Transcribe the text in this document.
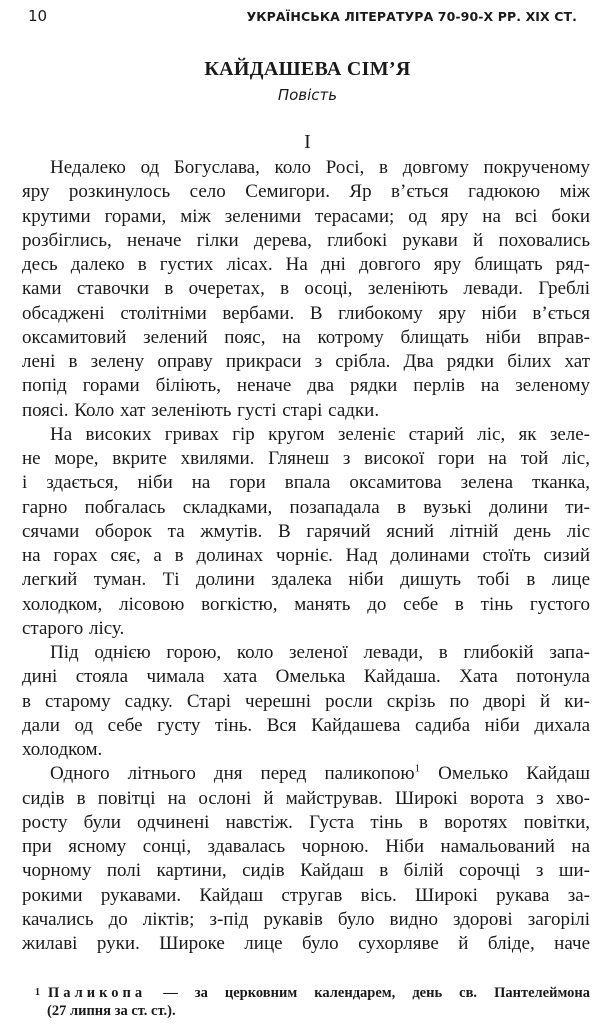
10	УКРАЇНСЬКА ЛІТЕРАТУРА 70-90-Х РР. XIX СТ.
КАЙДАШЕВА СІМ’Я
Повість
I
Недалеко од Богуслава, коло Росі, в довгому покрученому
яру розкинулось село Семигори. Яр в’ється гадюкою між
крутими горами, між зеленими терасами; од яру на всі боки
розбіглись, неначе гілки дерева, глибокі рукави й поховались
десь далеко в густих лісах. На дні довгого яру блищать ряд-
ками ставочки в очеретах, в осоці, зеленіють левади. Греблі
обсаджені столітніми вербами. В глибокому яру ніби в’ється
оксамитовий зелений пояс, на котрому блищать ніби вправ-
лені в зелену оправу прикраси з срібла. Два рядки білих хат
попід горами біліють, неначе два рядки перлів на зеленому
поясі. Коло хат зеленіють густі старі садки.
На високих гривах гір кругом зеленіє старий ліс, як зеле-
не море, вкрите хвилями. Глянеш з високої гори на той ліс,
і здається, ніби на гори впала оксамитова зелена тканка,
гарно побгалась складками, позападала в вузькі долини ти-
сячами оборок та жмутів. В гарячий ясний літній день ліс
на горах сяє, а в долинах чорніє. Над долинами стоїть сизий
легкий туман. Ті долини здалека ніби дишуть тобі в лице
холодком, лісовою вогкістю, манять до себе в тінь густого
старого лісу.
Під однією горою, коло зеленої левади, в глибокій запа-
дині стояла чимала хата Омелька Кайдаша. Хата потонула
в старому садку. Старі черешні росли скрізь по дворі й ки-
дали од себе густу тінь. Вся Кайдашева садиба ніби дихала
холодком.
Одного літнього дня перед паликопою$^1$ Омелько Кайдаш
сидів в повітці на ослоні й майстрував. Широкі ворота з хво-
росту були одчинені навстіж. Густа тінь в воротях повітки,
при ясному сонці, здавалась чорною. Ніби намальований на
чорному полі картини, сидів Кайдаш в білій сорочці з ши-
рокими рукавами. Кайдаш стругав вісь. Широкі рукава за-
качались до ліктів; з-під рукавів було видно здорові загорілі
жилаві руки. Широке лице було сухорляве й бліде, наче
$^1$ Паликопа — за церковним календарем, день св. Пантелеймона
(27 липня за ст. ст.).
